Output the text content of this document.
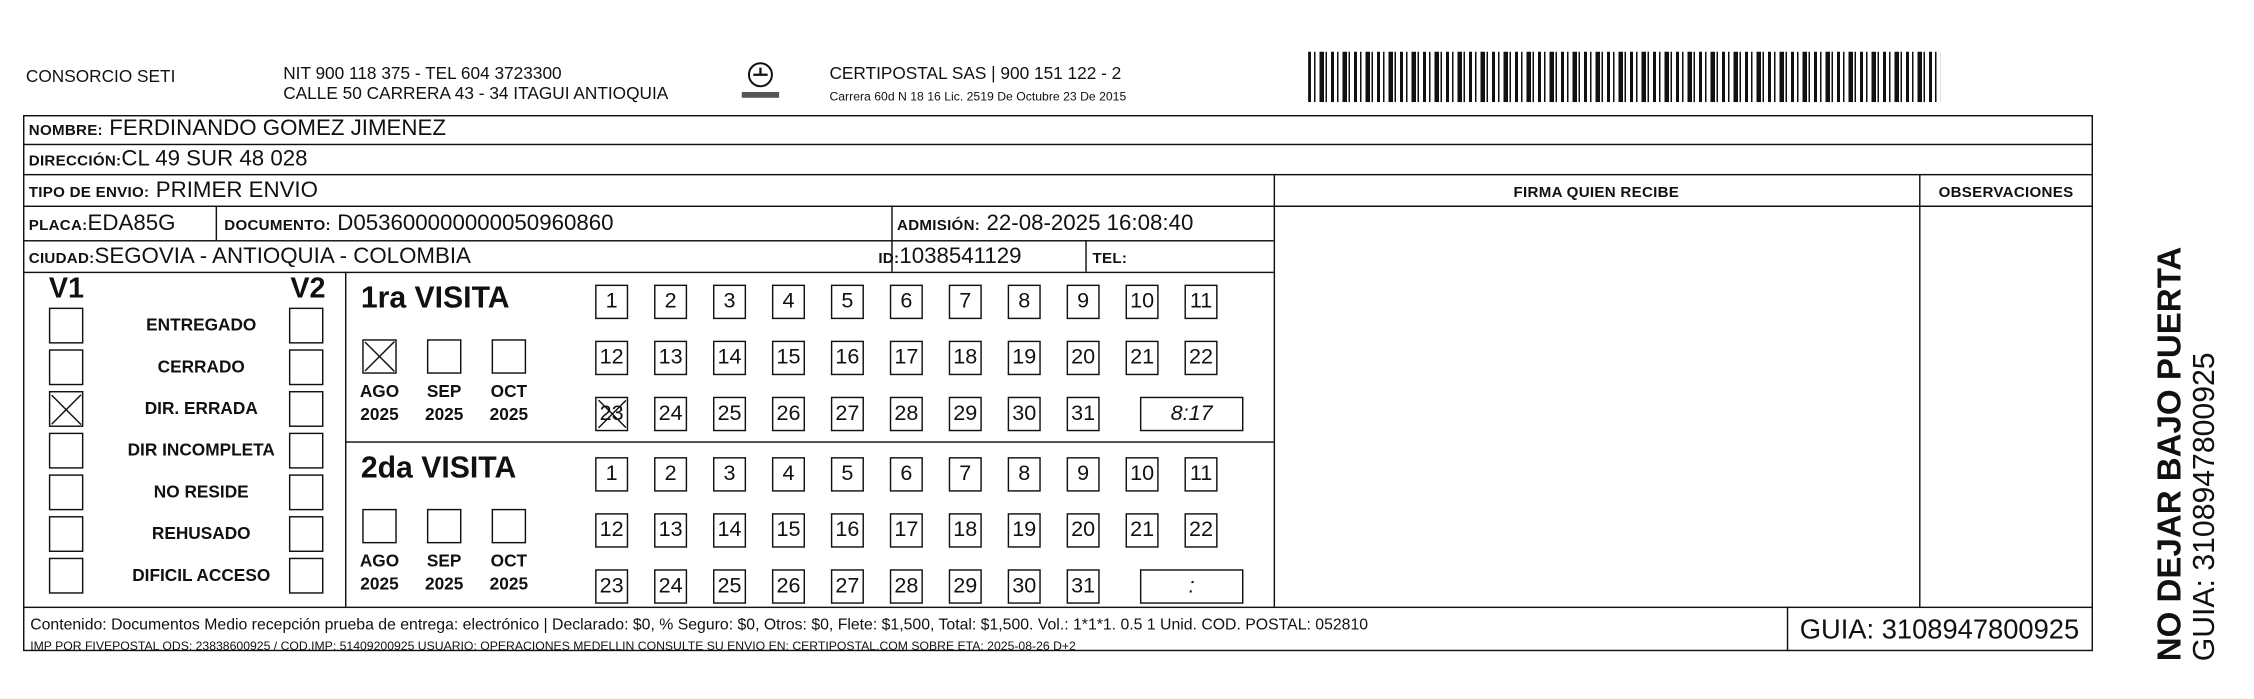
CONSORCIO SETI	NIT 900 118 375 - TEL 604 3723300
CALLE 50 CARRERA 43 - 34 ITAGUI ANTIOQUIA
CERTIPOSTAL SAS | 900 151 122 - 2
Carrera 60d N 18 16 Lic. 2519 De Octubre 23 De 2015
NOMBRE: FERDINANDO GOMEZ JIMENEZ
DIRECCIÓN:CL 49 SUR 48 028
TIPO DE ENVIO: PRIMER ENVIO
PLACA:EDA85G	DOCUMENTO: D053600000000050960860	ADMISIÓN: 22-08-2025 16:08:40
CIUDAD:SEGOVIA - ANTIOQUIA - COLOMBIA	ID:1038541129	TEL:
FIRMA QUIEN RECIBE	OBSERVACIONES
V1	V2
ENTREGADO
CERRADO
DIR. ERRADA
DIR INCOMPLETA
NO RESIDE
REHUSADO
DIFICIL ACCESO
1ra VISITA
2da VISITA
AGO
2025
SEP
2025
OCT
2025
AGO
2025
SEP
2025
OCT
2025
1	2	3	4	5	6	7	8	9	10	11
12	13	14	15	16	17	18	19	20	21	22
23	24	25	26	27	28	29	30	31	8:17
1	2	3	4	5	6	7	8	9	10	11
12	13	14	15	16	17	18	19	20	21	22
23	24	25	26	27	28	29	30	31	:
Contenido: Documentos Medio recepción prueba de entrega: electrónico | Declarado: $0, % Seguro: $0, Otros: $0, Flete: $1,500, Total: $1,500. Vol.: 1*1*1. 0.5 1 Unid. COD. POSTAL: 052810
IMP POR FIVEPOSTAL ODS: 23838600925 / COD.IMP: 51409200925 USUARIO: OPERACIONES MEDELLIN CONSULTE SU ENVIO EN: CERTIPOSTAL.COM SOBRE ETA: 2025-08-26 D+2	GUIA: 3108947800925	NO DEJAR BAJO PUERTA GUIA: 3108947800925
